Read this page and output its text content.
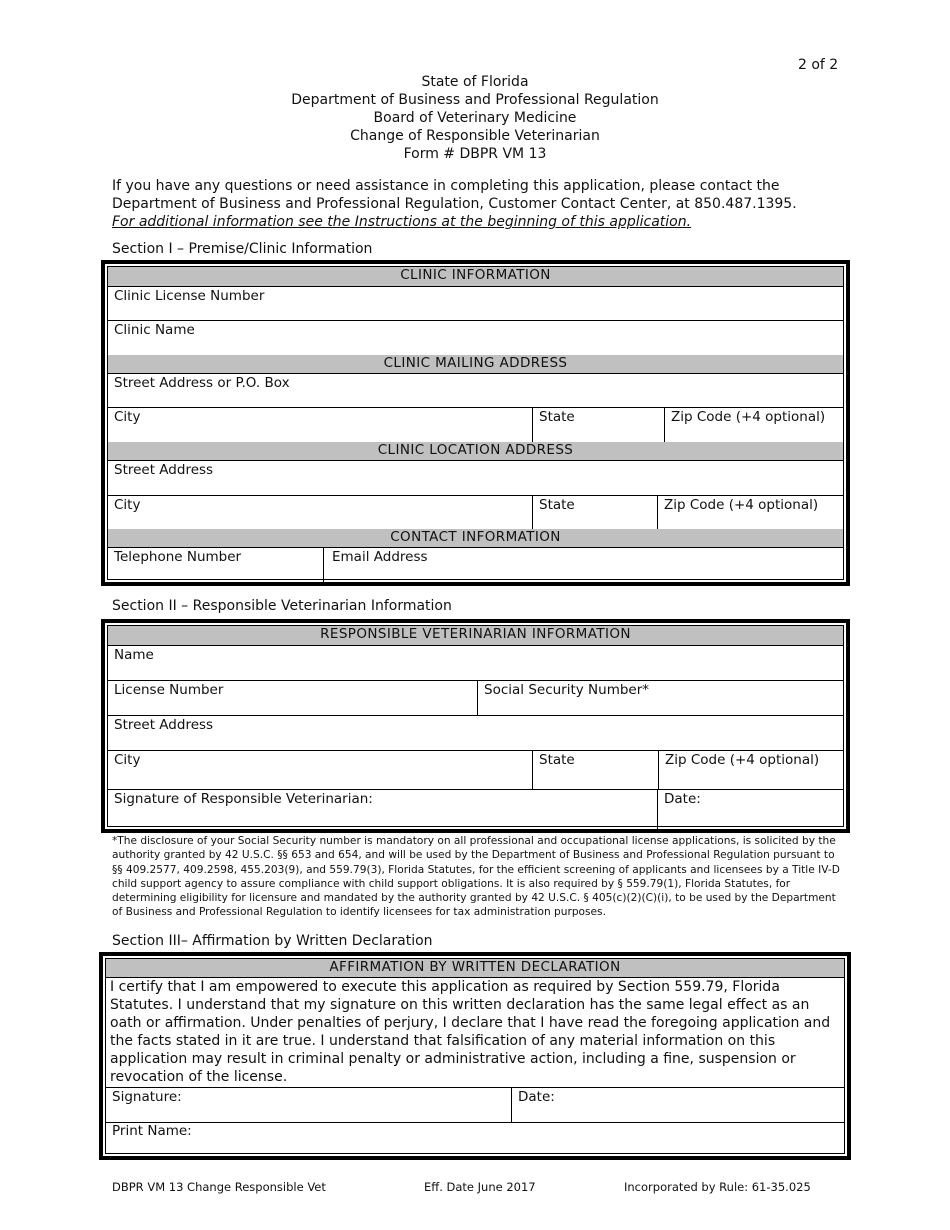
2 of 2
State of Florida
Department of Business and Professional Regulation
Board of Veterinary Medicine
Change of Responsible Veterinarian
Form # DBPR VM 13
If you have any questions or need assistance in completing this application, please contact the
Department of Business and Professional Regulation, Customer Contact Center, at 850.487.1395.
For additional information see the Instructions at the beginning of this application.
Section I – Premise/Clinic Information
CLINIC INFORMATION
Clinic License Number
Clinic Name
CLINIC MAILING ADDRESS
Street Address or P.O. Box
City	State	Zip Code (+4 optional)
CLINIC LOCATION ADDRESS
Street Address
City	State	Zip Code (+4 optional)
CONTACT INFORMATION
Telephone Number	Email Address
Section II – Responsible Veterinarian Information
RESPONSIBLE VETERINARIAN INFORMATION
Name
License Number	Social Security Number*
Street Address
City	State	Zip Code (+4 optional)
Signature of Responsible Veterinarian:	Date:
*The disclosure of your Social Security number is mandatory on all professional and occupational license applications, is solicited by the authority granted by 42 U.S.C. §§ 653 and 654, and will be used by the Department of Business and Professional Regulation pursuant to §§ 409.2577, 409.2598, 455.203(9), and 559.79(3), Florida Statutes, for the efficient screening of applicants and licensees by a Title IV-D child support agency to assure compliance with child support obligations. It is also required by § 559.79(1), Florida Statutes, for determining eligibility for licensure and mandated by the authority granted by 42 U.S.C. § 405(c)(2)(C)(i), to be used by the Department of Business and Professional Regulation to identify licensees for tax administration purposes.
Section III– Affirmation by Written Declaration
AFFIRMATION BY WRITTEN DECLARATION
I certify that I am empowered to execute this application as required by Section 559.79, Florida Statutes. I understand that my signature on this written declaration has the same legal effect as an oath or affirmation. Under penalties of perjury, I declare that I have read the foregoing application and the facts stated in it are true. I understand that falsification of any material information on this application may result in criminal penalty or administrative action, including a fine, suspension or revocation of the license.
Signature:	Date:
Print Name:
DBPR VM 13 Change Responsible Vet	Eff. Date June 2017	Incorporated by Rule: 61-35.025
